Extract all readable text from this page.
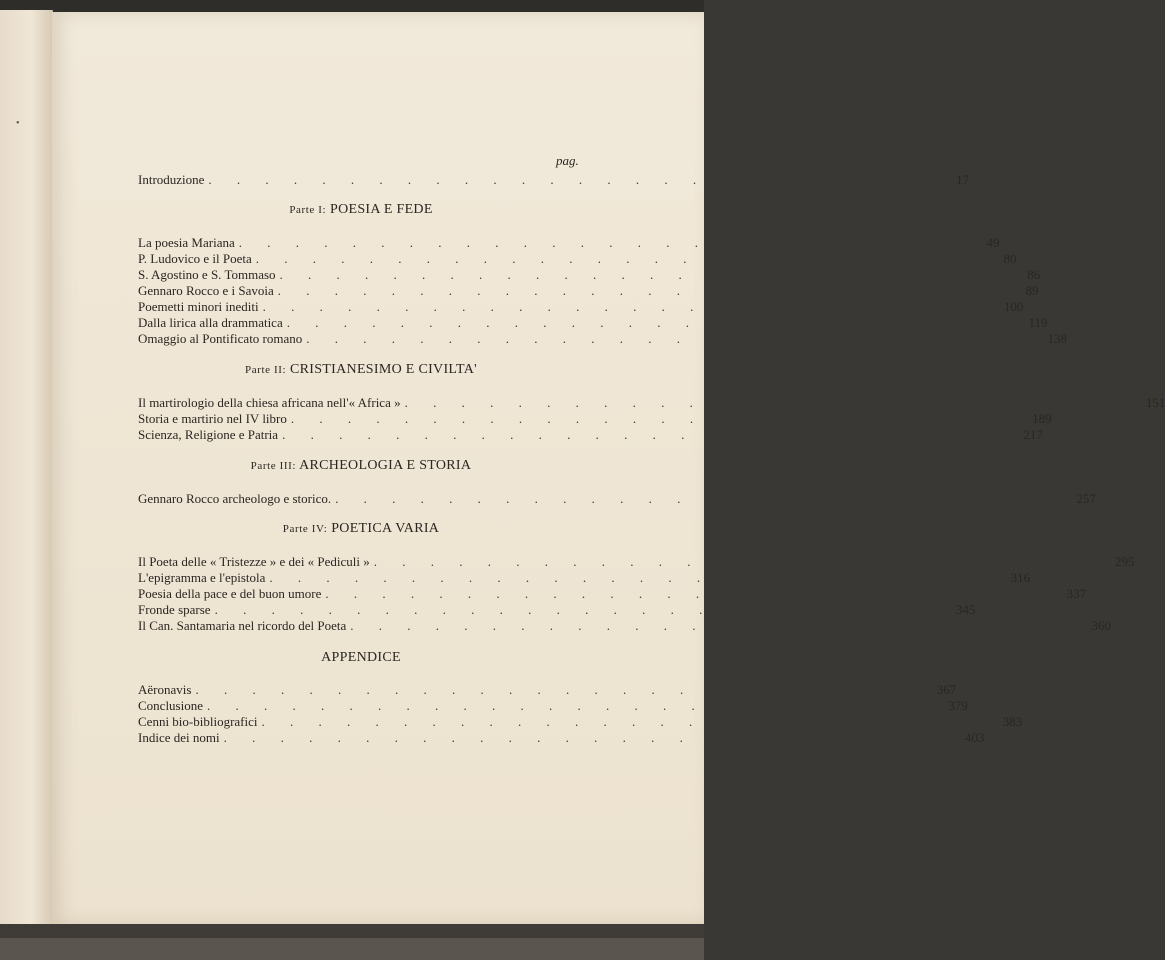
•
pag.
Introduzione . . . . . . . . . . . . . . . . . . . . . . . . . .	17
Parte I: POESIA E FEDE
La poesia Mariana . . . . . . . . . . . . . . . . . . . . . . . . . .	49
P. Ludovico e il Poeta . . . . . . . . . . . . . . . . . . . . . . . . . .	80
S. Agostino e S. Tommaso . . . . . . . . . . . . . . . . . . . . . . . . . .	86
Gennaro Rocco e i Savoia . . . . . . . . . . . . . . . . . . . . . . . . . .	89
Poemetti minori inediti . . . . . . . . . . . . . . . . . . . . . . . . . .	100
Dalla lirica alla drammatica . . . . . . . . . . . . . . . . . . . . . . . . . .	119
Omaggio al Pontificato romano . . . . . . . . . . . . . . . . . . . . . . . . . .	138
Parte II: CRISTIANESIMO E CIVILTA'
Il martirologio della chiesa africana nell'« Africa » . . . . . . . . . . . . . . . . . . . . . . . . . .	151
Storia e martirio nel IV libro . . . . . . . . . . . . . . . . . . . . . . . . . .	189
Scienza, Religione e Patria . . . . . . . . . . . . . . . . . . . . . . . . . .	217
Parte III: ARCHEOLOGIA E STORIA
Gennaro Rocco archeologo e storico. . . . . . . . . . . . . . . . . . . . . . . . . . .	257
Parte IV: POETICA VARIA
Il Poeta delle « Tristezze » e dei « Pediculi » . . . . . . . . . . . . . . . . . . . . . . . . . .	295
L'epigramma e l'epistola . . . . . . . . . . . . . . . . . . . . . . . . . .	316
Poesia della pace e del buon umore . . . . . . . . . . . . . . . . . . . . . . . . . .	337
Fronde sparse . . . . . . . . . . . . . . . . . . . . . . . . . .	345
Il Can. Santamaria nel ricordo del Poeta . . . . . . . . . . . . . . . . . . . . . . . . . .	360
APPENDICE
Aëronavis . . . . . . . . . . . . . . . . . . . . . . . . . .	367
Conclusione . . . . . . . . . . . . . . . . . . . . . . . . . .	379
Cenni bio-bibliografici . . . . . . . . . . . . . . . . . . . . . . . . . .	383
Indice dei nomi . . . . . . . . . . . . . . . . . . . . . . . . . .	403
